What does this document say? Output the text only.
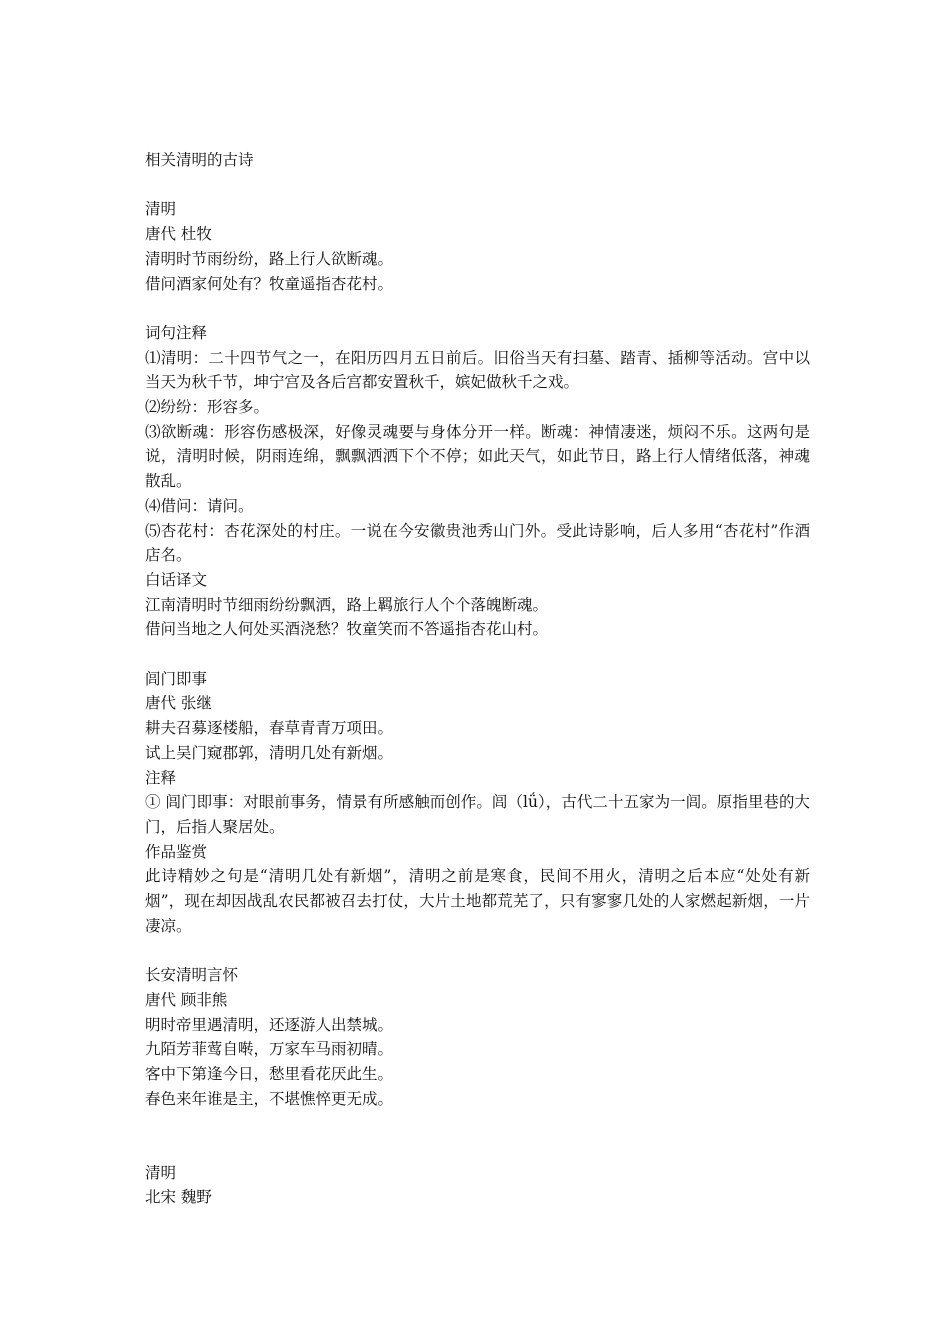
相关清明的古诗
清明
唐代 杜牧
清明时节雨纷纷，路上行人欲断魂。
借问酒家何处有？牧童遥指杏花村。
词句注释
⑴清明：二十四节气之一，在阳历四月五日前后。旧俗当天有扫墓、踏青、插柳等活动。宫中以当天为秋千节，坤宁宫及各后宫都安置秋千，嫔妃做秋千之戏。
⑵纷纷：形容多。
⑶欲断魂：形容伤感极深，好像灵魂要与身体分开一样。断魂：神情凄迷，烦闷不乐。这两句是说，清明时候，阴雨连绵，飘飘洒洒下个不停；如此天气，如此节日，路上行人情绪低落，神魂散乱。
⑷借问：请问。
⑸杏花村：杏花深处的村庄。一说在今安徽贵池秀山门外。受此诗影响，后人多用“杏花村”作酒店名。
白话译文
江南清明时节细雨纷纷飘洒，路上羁旅行人个个落魄断魂。
借问当地之人何处买酒浇愁？牧童笑而不答遥指杏花山村。
闾门即事
唐代 张继
耕夫召募逐楼船，春草青青万项田。
试上吴门窥郡郭，清明几处有新烟。
注释
① 闾门即事：对眼前事务，情景有所感触而创作。闾（lǘ），古代二十五家为一闾。原指里巷的大门，后指人聚居处。
作品鉴赏
此诗精妙之句是“清明几处有新烟”，清明之前是寒食，民间不用火，清明之后本应“处处有新烟”，现在却因战乱农民都被召去打仗，大片土地都荒芜了，只有寥寥几处的人家燃起新烟，一片凄凉。
长安清明言怀
唐代 顾非熊
明时帝里遇清明，还逐游人出禁城。
九陌芳菲莺自啭，万家车马雨初晴。
客中下第逢今日，愁里看花厌此生。
春色来年谁是主，不堪憔悴更无成。
清明
北宋 魏野
